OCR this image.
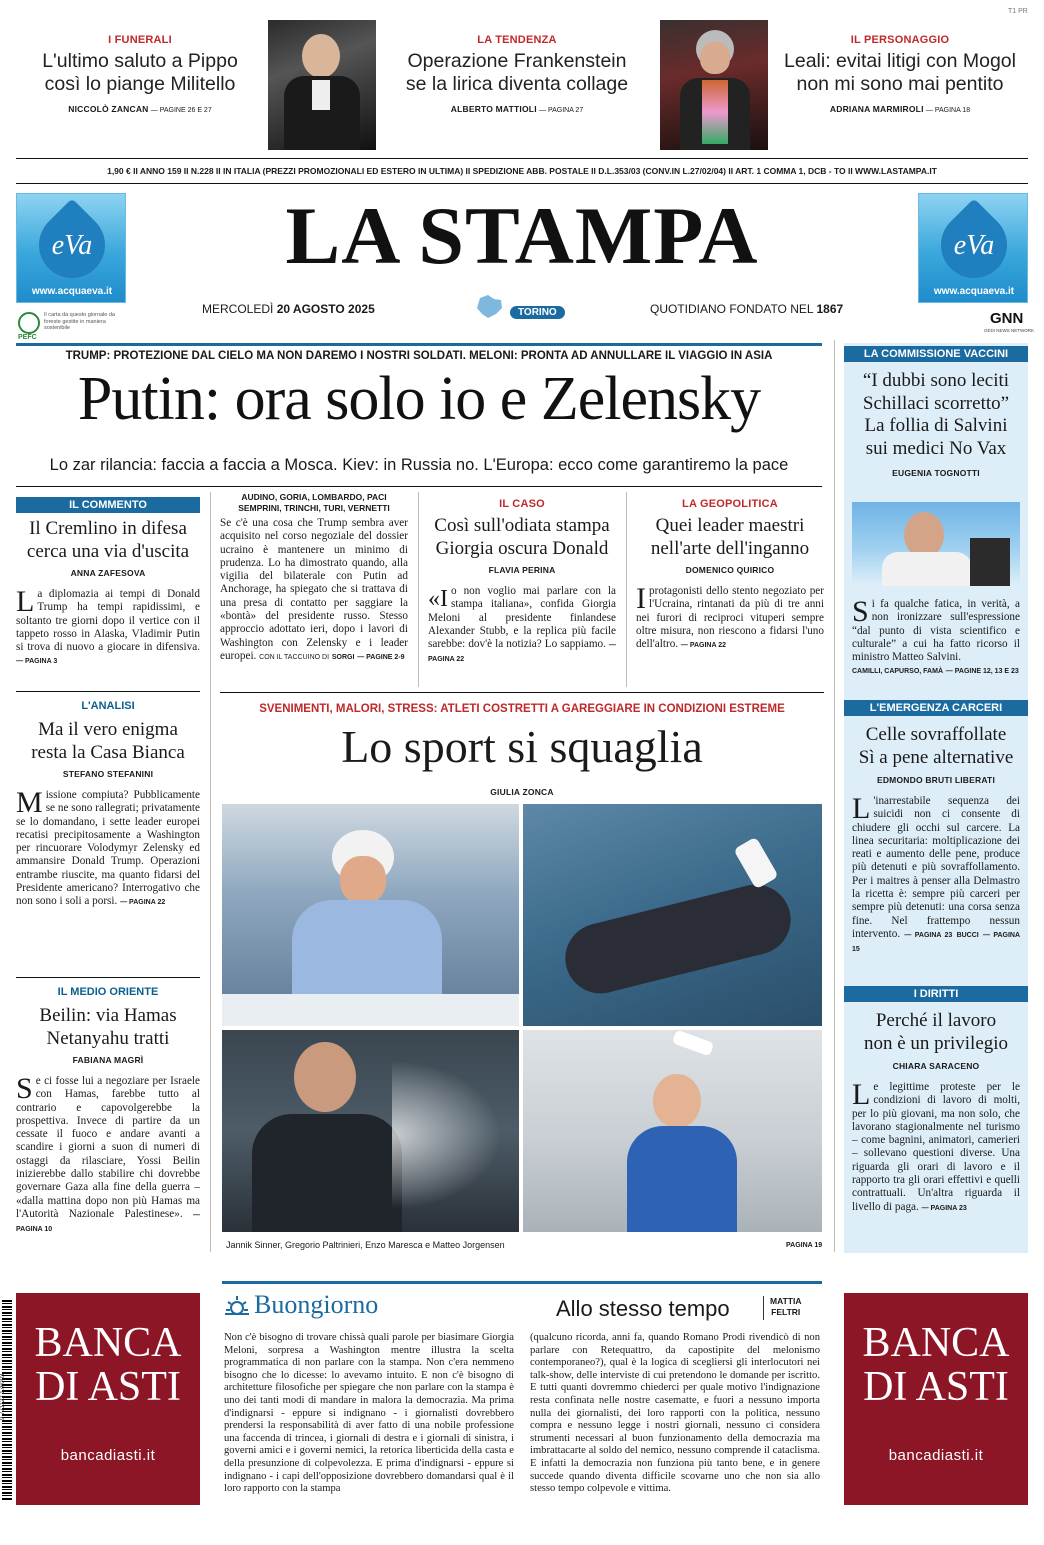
T1 PR
I FUNERALI
L'ultimo saluto a Pippo
così lo piange Militello
NICCOLÒ ZANCAN — PAGINE 26 E 27
LA TENDENZA
Operazione Frankenstein
se la lirica diventa collage
ALBERTO MATTIOLI — PAGINA 27
IL PERSONAGGIO
Leali: evitai litigi con Mogol
non mi sono mai pentito
ADRIANA MARMIROLI — PAGINA 18
1,90 € II ANNO 159 II N.228 II IN ITALIA (PREZZI PROMOZIONALI ED ESTERO IN ULTIMA) II SPEDIZIONE ABB. POSTALE II D.L.353/03 (CONV.IN L.27/02/04) II ART. 1 COMMA 1, DCB - TO II WWW.LASTAMPA.IT
eVa
www.acquaeva.it
eVa
www.acquaeva.it
PEFC
Il carta da questo giornale da foreste gestite in maniera sostenibile
GNN
GEDI NEWS NETWORK
LA STAMPA
MERCOLEDÌ 20 AGOSTO 2025	TORINO	QUOTIDIANO FONDATO NEL 1867
TRUMP: PROTEZIONE DAL CIELO MA NON DAREMO I NOSTRI SOLDATI. MELONI: PRONTA AD ANNULLARE IL VIAGGIO IN ASIA
Putin: ora solo io e Zelensky
Lo zar rilancia: faccia a faccia a Mosca. Kiev: in Russia no. L'Europa: ecco come garantiremo la pace
IL COMMENTO
Il Cremlino in difesa
cerca una via d'uscita
ANNA ZAFESOVA
La diplomazia ai tempi di Donald Trump ha tempi rapidissimi, e soltanto tre giorni dopo il vertice con il tappeto rosso in Alaska, Vladimir Putin si trova di nuovo a giocare in difensiva. — PAGINA 3
L'ANALISI
Ma il vero enigma
resta la Casa Bianca
STEFANO STEFANINI
Missione compiuta? Pubblicamente se ne sono rallegrati; privatamente se lo domandano, i sette leader europei recatisi precipitosamente a Washington per rincuorare Volodymyr Zelensky ed ammansire Donald Trump. Operazioni entrambe riuscite, ma quanto fidarsi del Presidente americano? Interrogativo che non sono i soli a porsi. — PAGINA 22
IL MEDIO ORIENTE
Beilin: via Hamas
Netanyahu tratti
FABIANA MAGRÌ
Se ci fosse lui a negoziare per Israele con Hamas, farebbe tutto al contrario e capovolgerebbe la prospettiva. Invece di partire da un cessate il fuoco e andare avanti a scandire i giorni a suon di numeri di ostaggi da rilasciare, Yossi Beilin inizierebbe dallo stabilire chi dovrebbe governare Gaza alla fine della guerra – «dalla mattina dopo non più Hamas ma l'Autorità Nazionale Palestinese». — PAGINA 10
AUDINO, GORIA, LOMBARDO, PACI SEMPRINI, TRINCHI, TURI, VERNETTI
Se c'è una cosa che Trump sembra aver acquisito nel corso negoziale del dossier ucraino è mantenere un minimo di prudenza. Lo ha dimostrato quando, alla vigilia del bilaterale con Putin ad Anchorage, ha spiegato che si trattava di una presa di contatto per saggiare la «bontà» del presidente russo. Stesso approccio adottato ieri, dopo i lavori di Washington con Zelensky e i leader europei. CON IL TACCUINO DI SORGI — PAGINE 2-9
IL CASO
Così sull'odiata stampa
Giorgia oscura Donald
FLAVIA PERINA
«Io non voglio mai parlare con la stampa italiana», confida Giorgia Meloni al presidente finlandese Alexander Stubb, e la replica più facile sarebbe: dov'è la notizia? Lo sappiamo. — PAGINA 22
LA GEOPOLITICA
Quei leader maestri
nell'arte dell'inganno
DOMENICO QUIRICO
Iprotagonisti dello stento negoziato per l'Ucraina, rintanati da più di tre anni nei furori di reciproci vituperi sempre oltre misura, non riescono a fidarsi l'uno dell'altro. — PAGINA 22
SVENIMENTI, MALORI, STRESS: ATLETI COSTRETTI A GAREGGIARE IN CONDIZIONI ESTREME
Lo sport si squaglia
GIULIA ZONCA
Jannik Sinner, Gregorio Paltrinieri, Enzo Maresca e Matteo Jorgensen	PAGINA 19
LA COMMISSIONE VACCINI
“I dubbi sono leciti
Schillaci scorretto”
La follia di Salvini
sui medici No Vax
EUGENIA TOGNOTTI
Si fa qualche fatica, in verità, a non ironizzare sull'espressione “dal punto di vista scientifico e culturale” a cui ha fatto ricorso il ministro Matteo Salvini.
CAMILLI, CAPURSO, FAMÀ — PAGINE 12, 13 E 23
L'EMERGENZA CARCERI
Celle sovraffollate
Sì a pene alternative
EDMONDO BRUTI LIBERATI
L 'inarrestabile sequenza dei suicidi non ci consente di chiudere gli occhi sul carcere. La linea securitaria: moltiplicazione dei reati e aumento delle pene, produce più detenuti e più sovraffollamento. Per i maitres à penser alla Delmastro la ricetta è: sempre più carceri per sempre più detenuti: una corsa senza fine. Nel frattempo nessun intervento. — PAGINA 23 BUCCI — PAGINA 15
I DIRITTI
Perché il lavoro
non è un privilegio
CHIARA SARACENO
Le legittime proteste per le condizioni di lavoro di molti, per lo più giovani, ma non solo, che lavorano stagionalmente nel turismo – come bagnini, animatori, camerieri – sollevano questioni diverse. Una riguarda gli orari di lavoro e il rapporto tra gli orari effettivi e quelli contrattuali. Un'altra riguarda il livello di paga. — PAGINA 23
BANCA
DI ASTI
bancadiasti.it
BANCA
DI ASTI
bancadiasti.it
9 771122 176003
Buongiorno	Allo stesso tempo	MATTIA
FELTRI
Non c'è bisogno di trovare chissà quali parole per biasimare Giorgia Meloni, sorpresa a Washington mentre illustra la scelta programmatica di non parlare con la stampa. Non c'era nemmeno bisogno che lo dicesse: lo avevamo intuito. E non c'è bisogno di architetture filosofiche per spiegare che non parlare con la stampa è uno dei tanti modi di mandare in malora la democrazia. Ma prima d'indignarsi - eppure si indignano - i giornalisti dovrebbero prendersi la responsabilità di aver fatto di una nobile professione una faccenda di trincea, i giornali di destra e i giornali di sinistra, i governi amici e i governi nemici, la retorica liberticida della casta e della presunzione di colpevolezza. E prima d'indignarsi - eppure si indignano - i capi dell'opposizione dovrebbero domandarsi qual è il loro rapporto con la stampa
(qualcuno ricorda, anni fa, quando Romano Prodi rivendicò di non parlare con Retequattro, da capostipite del melonismo contemporaneo?), qual è la logica di scegliersi gli interlocutori nei talk-show, delle interviste di cui pretendono le domande per iscritto. E tutti quanti dovremmo chiederci per quale motivo l'indignazione resta confinata nelle nostre casematte, e fuori a nessuno importa nulla dei giornalisti, dei loro rapporti con la politica, nessuno compra e nessuno legge i nostri giornali, nessuno ci considera strumenti necessari al buon funzionamento della democrazia ma imbrattacarte al soldo del nemico, nessuno comprende il cataclisma. E infatti la democrazia non funziona più tanto bene, e in genere succede quando diventa difficile scovarne uno che non sia allo stesso tempo colpevole e vittima.
